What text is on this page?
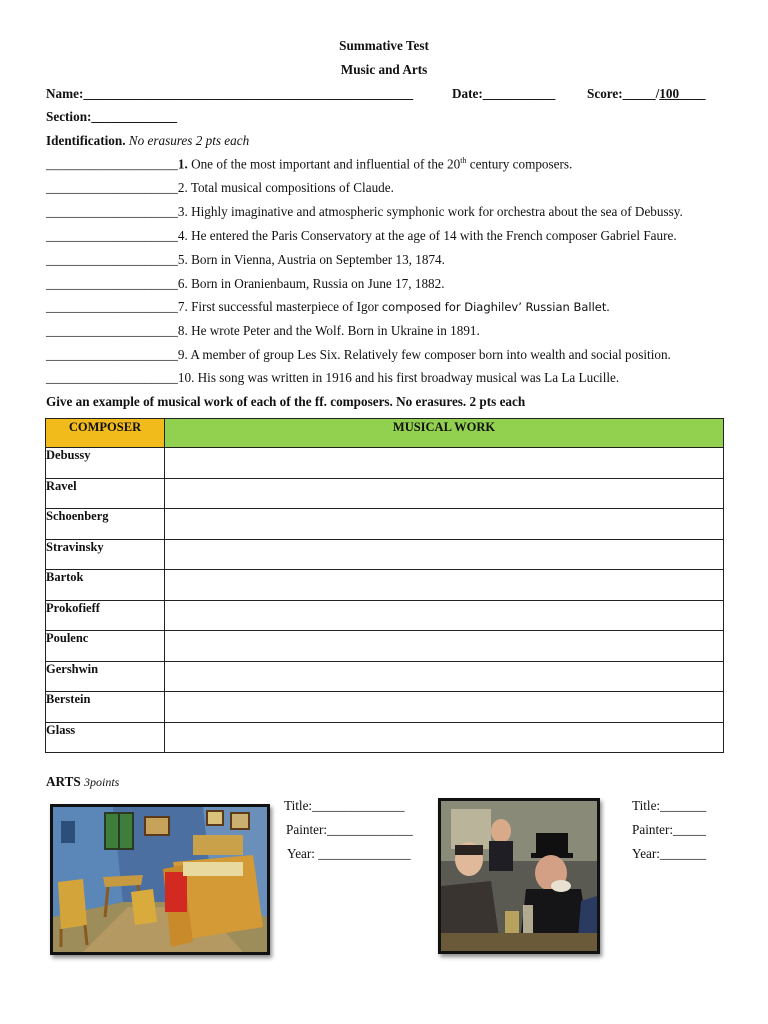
Summative Test
Music and Arts
Name:__________________________________________________	Date:___________ Score:_____/100____
Section:_____________
Identification. No erasures 2 pts each
____________________1. One of the most important and influential of the 20th century composers.
____________________2. Total musical compositions of Claude.
____________________3. Highly imaginative and atmospheric symphonic work for orchestra about the sea of Debussy.
____________________4. He entered the Paris Conservatory at the age of 14 with the French composer Gabriel Faure.
____________________5. Born in Vienna, Austria on September 13, 1874.
____________________6. Born in Oranienbaum, Russia on June 17, 1882.
____________________7. First successful masterpiece of Igor composed for Diaghilev’ Russian Ballet.
____________________8. He wrote Peter and the Wolf. Born in Ukraine in 1891.
____________________9. A member of group Les Six. Relatively few composer born into wealth and social position.
____________________10. His song was written in 1916 and his first broadway musical was La La Lucille.
Give an example of musical work of each of the ff. composers. No erasures. 2 pts each
COMPOSER	MUSICAL WORK
Debussy	
Ravel	
Schoenberg	
Stravinsky	
Bartok	
Prokofieff	
Poulenc	
Gershwin	
Berstein	
Glass	
ARTS 3points
Title:______________
Painter:_____________
Year: ______________
Title:_______
Painter:_____
Year:_______
